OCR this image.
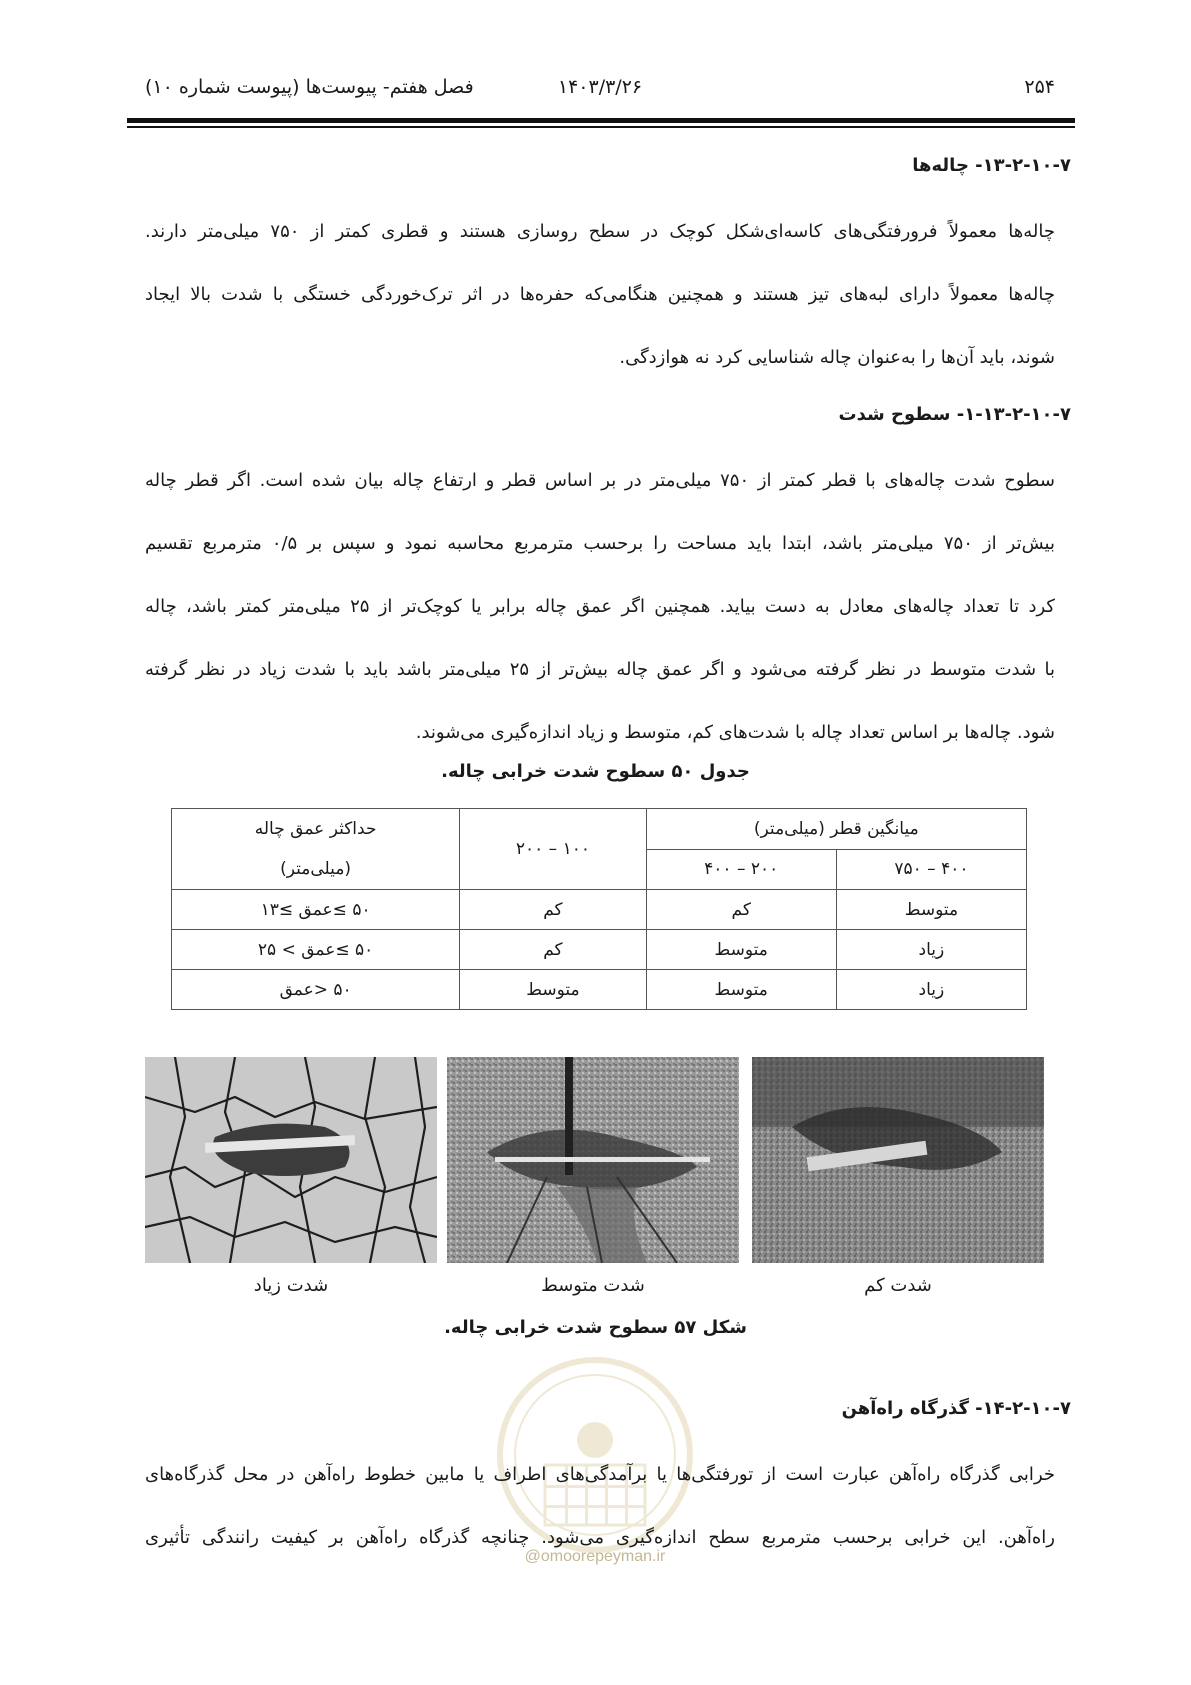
۲۵۴
۱۴۰۳/۳/۲۶
فصل هفتم- پیوست‌ها (پیوست شماره ۱۰)
۱۳-۲-۱۰-۷- چاله‌ها
چاله‌ها معمولاً فرورفتگی‌های کاسه‌ای‌شکل کوچک در سطح روسازی هستند و قطری کمتر از ۷۵۰ میلی‌متر دارند.
چاله‌ها معمولاً دارای لبه‌های تیز هستند و همچنین هنگامی‌که حفره‌ها در اثر ترک‌خوردگی خستگی با شدت بالا ایجاد
شوند، باید آن‌ها را به‌عنوان چاله شناسایی کرد نه هوازدگی.
۱-۱۳-۲-۱۰-۷- سطوح شدت
سطوح شدت چاله‌های با قطر کمتر از ۷۵۰ میلی‌متر در بر اساس قطر و ارتفاع چاله بیان شده است. اگر قطر چاله
بیش‌تر از ۷۵۰ میلی‌متر باشد، ابتدا باید مساحت را برحسب مترمربع محاسبه نمود و سپس بر ۰/۵ مترمربع تقسیم
کرد تا تعداد چاله‌های معادل به دست بیاید. همچنین اگر عمق چاله برابر یا کوچک‌تر از ۲۵ میلی‌متر کمتر باشد، چاله
با شدت متوسط در نظر گرفته می‌شود و اگر عمق چاله بیش‌تر از ۲۵ میلی‌متر باشد باید با شدت زیاد در نظر گرفته
شود. چاله‌ها بر اساس تعداد چاله با شدت‌های کم، متوسط و زیاد اندازه‌گیری می‌شوند.
جدول ۵۰ سطوح شدت خرابی چاله.
میانگین قطر (میلی‌متر)		۱۰۰ – ۲۰۰	حداکثر عمق چاله
(میلی‌متر)
۴۰۰ – ۷۵۰	۲۰۰ – ۴۰۰		
متوسط	کم	کم	۵۰ ≥عمق ≥۱۳
زیاد	متوسط	کم	۵۰ ≥عمق > ۲۵
زیاد	متوسط	متوسط	۵۰ <عمق
شدت کم
شدت متوسط
شدت زیاد
شکل ۵۷ سطوح شدت خرابی چاله.
@omoorepeyman.ir
۱۴-۲-۱۰-۷- گذرگاه راه‌آهن
خرابی گذرگاه راه‌آهن عبارت است از تورفتگی‌ها یا برآمدگی‌های اطراف یا مابین خطوط راه‌آهن در محل گذرگاه‌های
راه‌آهن. این خرابی برحسب مترمربع سطح اندازه‌گیری می‌شود. چنانچه گذرگاه راه‌آهن بر کیفیت رانندگی تأثیری
